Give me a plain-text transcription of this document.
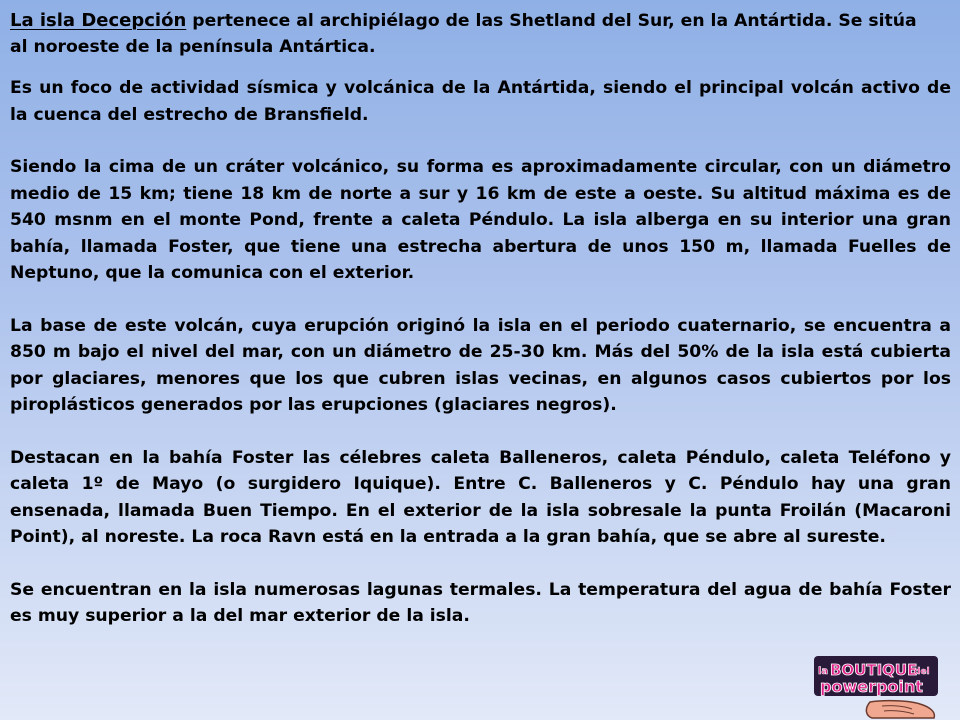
La isla Decepción pertenece al archipiélago de las Shetland del Sur, en la Antártida. Se sitúa al noroeste de la península Antártica.

Es un foco de actividad sísmica y volcánica de la Antártida, siendo el principal volcán activo de la cuenca del estrecho de Bransfield.

Siendo la cima de un cráter volcánico, su forma es aproximadamente circular, con un diámetro medio de 15 km; tiene 18 km de norte a sur y 16 km de este a oeste. Su altitud máxima es de 540 msnm en el monte Pond, frente a caleta Péndulo. La isla alberga en su interior una gran bahía, llamada Foster, que tiene una estrecha abertura de unos 150 m, llamada Fuelles de Neptuno, que la comunica con el exterior.

La base de este volcán, cuya erupción originó la isla en el periodo cuaternario, se encuentra a 850 m bajo el nivel del mar, con un diámetro de 25-30 km. Más del 50% de la isla está cubierta por glaciares, menores que los que cubren islas vecinas, en algunos casos cubiertos por los piroplásticos generados por las erupciones (glaciares negros).

Destacan en la bahía Foster las célebres caleta Balleneros, caleta Péndulo, caleta Teléfono y caleta 1º de Mayo (o surgidero Iquique). Entre C. Balleneros y C. Péndulo hay una gran ensenada, llamada Buen Tiempo. En el exterior de la isla sobresale la punta Froilán (Macaroni Point), al noreste. La roca Ravn está en la entrada a la gran bahía, que se abre al sureste.

Se encuentran en la isla numerosas lagunas termales. La temperatura del agua de bahía Foster es muy superior a la del mar exterior de la isla.

la BOUTIQUE
del
powerpoint
